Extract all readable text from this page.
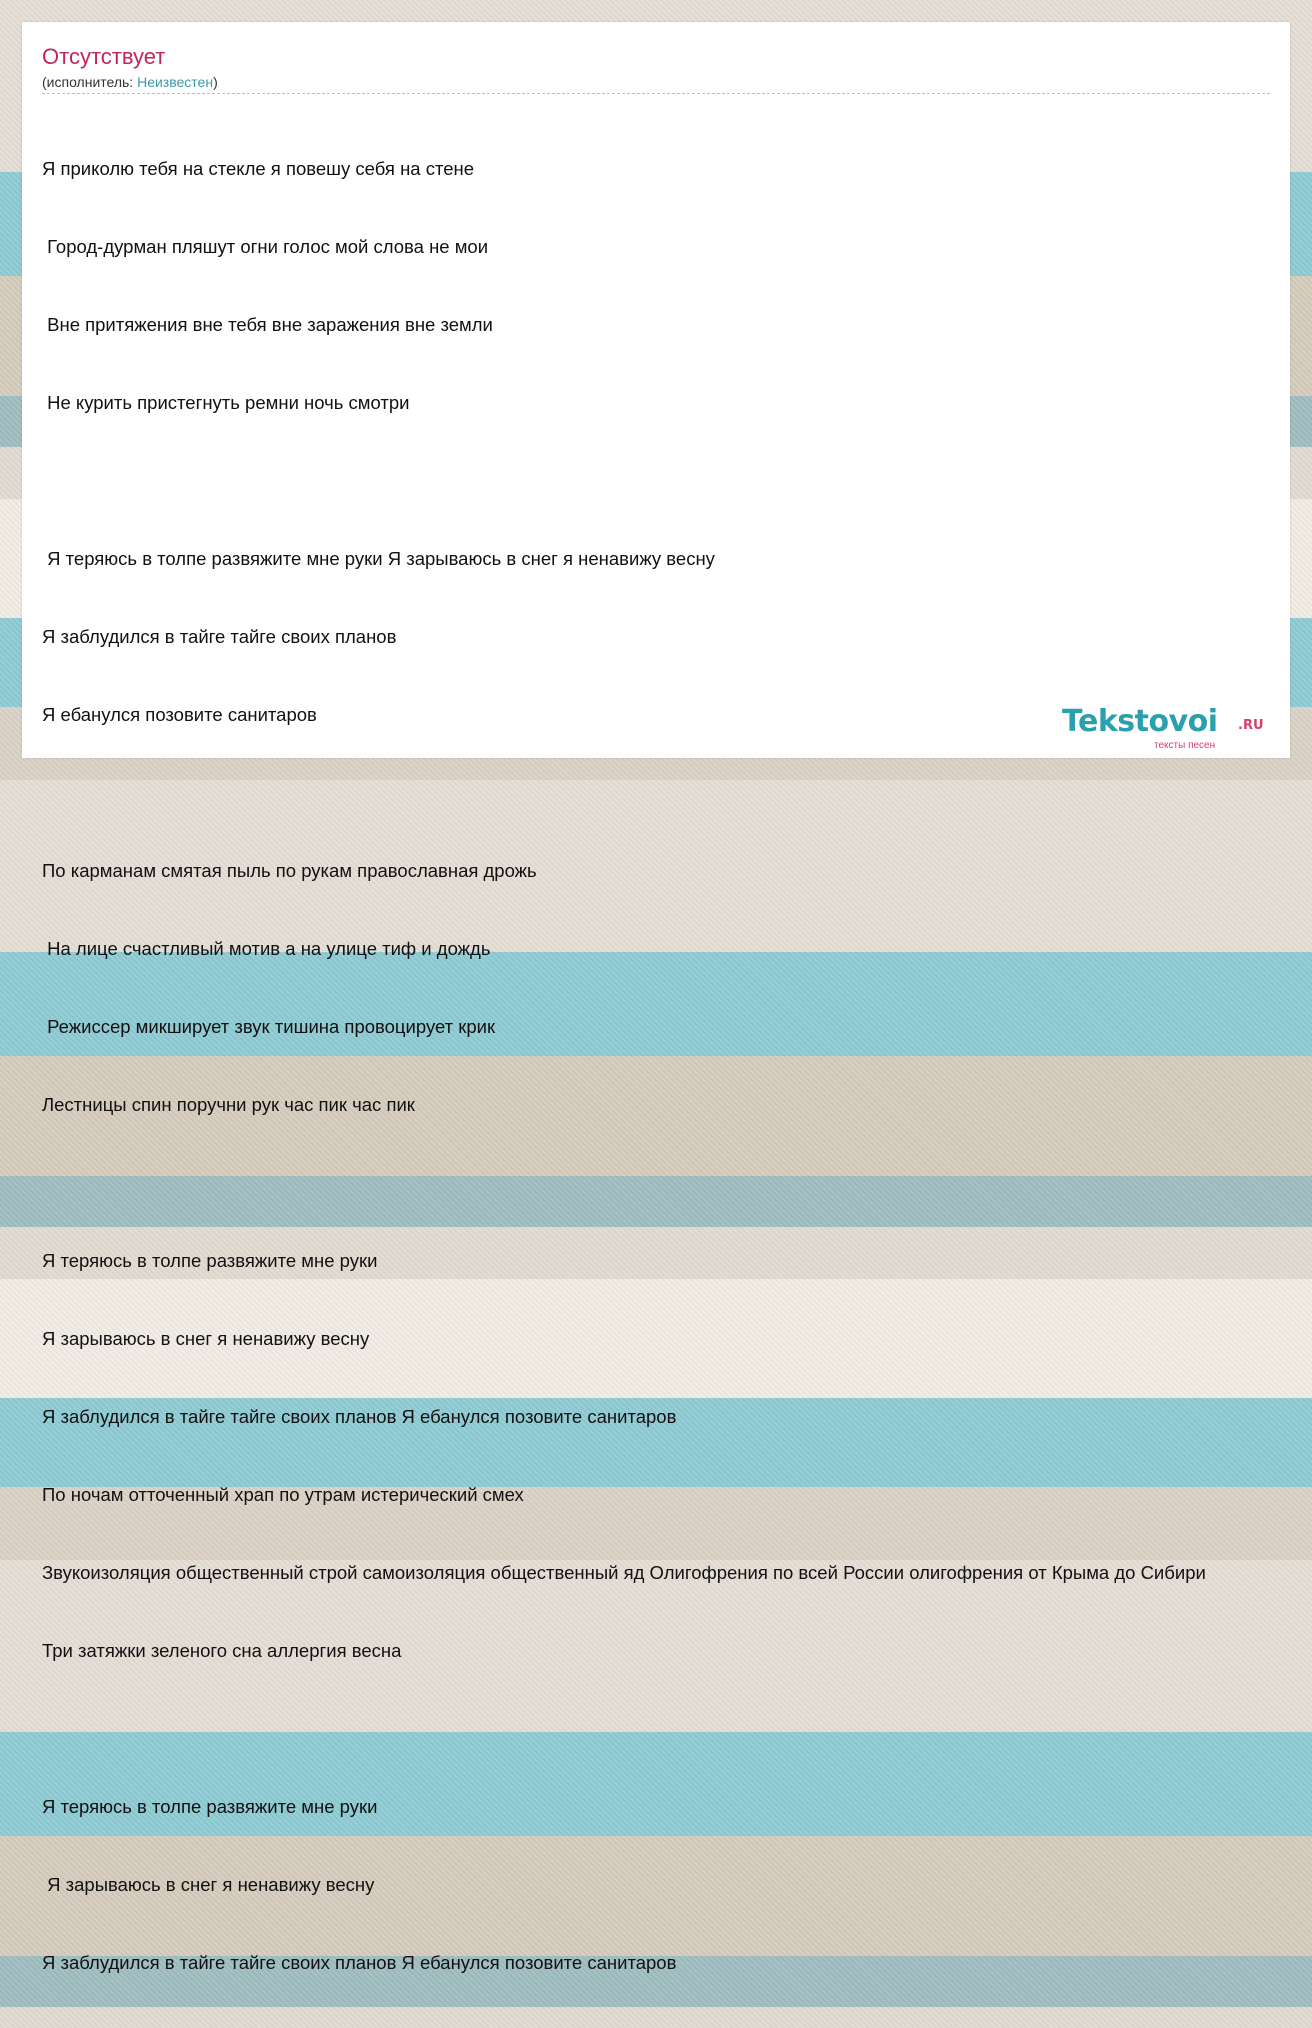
Отсутствует
(исполнитель: Неизвестен)

Я приколю тебя на стекле я повешу себя на стене

Город-дурман пляшут огни голос мой слова не мои

Вне притяжения вне тебя вне заражения вне земли

Не курить пристегнуть ремни ночь смотри

Я теряюсь в толпе развяжите мне руки Я зарываюсь в снег я ненавижу весну

Я заблудился в тайге тайге своих планов

Я ебанулся позовите санитаров

По карманам смятая пыль по рукам православная дрожь

На лице счастливый мотив а на улице тиф и дождь

Режиссер микширует звук тишина провоцирует крик

Лестницы спин поручни рук час пик час пик

Я теряюсь в толпе развяжите мне руки

Я зарываюсь в снег я ненавижу весну

Я заблудился в тайге тайге своих планов Я ебанулся позовите санитаров

По ночам отточенный храп по утрам истерический смех

Звукоизоляция общественный строй самоизоляция общественный яд Олигофрения по всей России олигофрения от Крыма до Сибири

Три затяжки зеленого сна аллергия весна

Я теряюсь в толпе развяжите мне руки

Я зарываюсь в снег я ненавижу весну

Я заблудился в тайге тайге своих планов Я ебанулся позовите санитаров

Tekstovoi .RU
тексты песен
